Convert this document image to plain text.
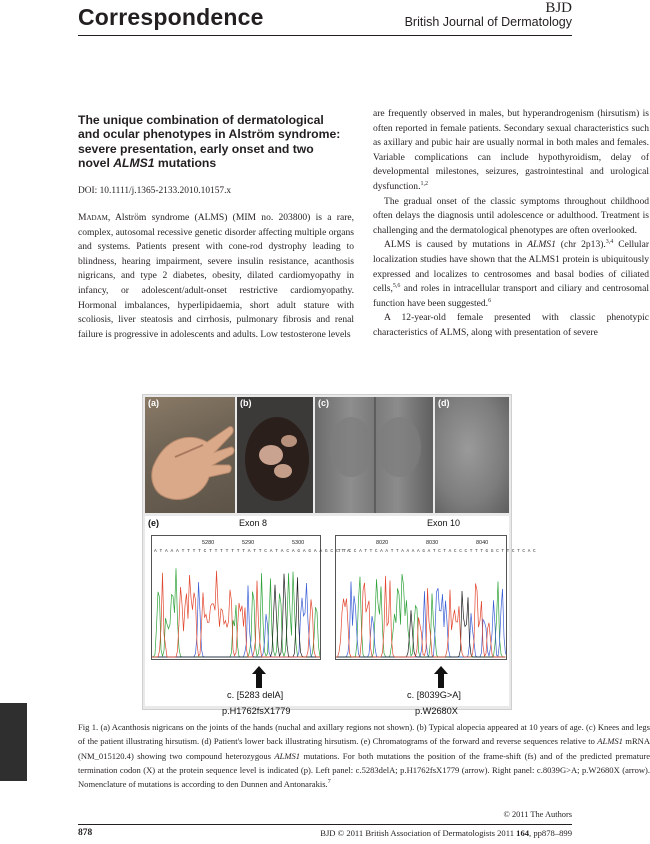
Correspondence	BJD
British Journal of Dermatology
The unique combination of dermatological
and ocular phenotypes in Alström syndrome:
severe presentation, early onset and two
novel ALMS1 mutations
DOI: 10.1111/j.1365-2133.2010.10157.x

Madam, Alström syndrome (ALMS) (MIM no. 203800) is a rare, complex, autosomal recessive genetic disorder affecting multiple organs and systems. Patients present with cone-rod dystrophy leading to blindness, hearing impairment, severe insulin resistance, acanthosis nigricans, and type 2 diabetes, obesity, dilated cardiomyopathy in infancy, or adolescent/adult-onset restrictive cardiomyopathy. Hormonal imbalances, hyperlipidaemia, short adult stature with scoliosis, liver steatosis and cirrhosis, pulmonary fibrosis and renal failure is progressive in adolescents and adults. Low testosterone levels

are frequently observed in males, but hyperandrogenism (hirsutism) is often reported in female patients. Secondary sexual characteristics such as axillary and pubic hair are usually normal in both males and females. Variable complications can include hypothyroidism, delay of developmental milestones, seizures, gastrointestinal and urological dysfunction.$^{1,2}$

The gradual onset of the classic symptoms throughout childhood often delays the diagnosis until adolescence or adulthood. Treatment is challenging and the dermatological phenotypes are often overlooked.

ALMS is caused by mutations in ALMS1 (chr 2p13).$^{3,4}$ Cellular localization studies have shown that the ALMS1 protein is ubiquitously expressed and localizes to centrosomes and basal bodies of ciliated cells,$^{5,6}$ and roles in intracellular transport and ciliary and centrosomal function have been suggested.$^6$

A 12-year-old female presented with classic phenotypic characteristics of ALMS, along with presentation of severe

(a)	(b)	(c)	(d)
(e)	Exon 8	Exon 10
5280	5290	5300
A T A A A T T T T C T T T T T T T A T T C A T A C A G A G A A G C C T A
8020	8030	8040
T T C C A T T C A A T T A A A A G A T C T A C C C T T T G G C T T C T C A C
c. [5283 delA]
p.H1762fsX1779
c. [8039G>A]
p.W2680X
Fig 1. (a) Acanthosis nigricans on the joints of the hands (nuchal and axillary regions not shown). (b) Typical alopecia appeared at 10 years of age. (c) Knees and legs of the patient illustrating hirsutism. (d) Patient's lower back illustrating hirsutism. (e) Chromatograms of the forward and reverse sequences relative to ALMS1 mRNA (NM_015120.4) showing two compound heterozygous ALMS1 mutations. For both mutations the position of the frame-shift (fs) and of the predicted premature termination codon (X) at the protein sequence level is indicated (p). Left panel: c.5283delA; p.H1762fsX1779 (arrow). Right panel: c.8039G>A; p.W2680X (arrow). Nomenclature of mutations is according to den Dunnen and Antonarakis.$^7$
© 2011 The Authors
878	BJD © 2011 British Association of Dermatologists 2011 164, pp878–899
